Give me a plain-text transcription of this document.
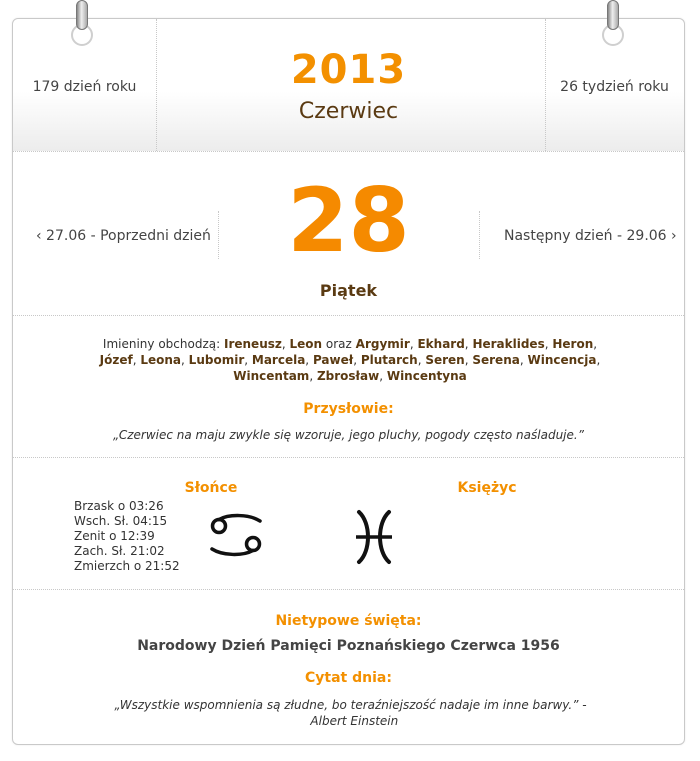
179 dzień roku	2013
Czerwiec
26 tydzień roku
‹ 27.06 - Poprzedni dzień 28	Następny dzień - 29.06 ›
Piątek
Imieniny obchodzą: Ireneusz, Leon oraz Argymir, Ekhard, Heraklides, Heron, Józef, Leona, Lubomir, Marcela, Paweł, Plutarch, Seren, Serena, Wincencja, Wincentam, Zbrosław, Wincentyna
Przysłowie:
„Czerwiec na maju zwykle się wzoruje, jego pluchy, pogody często naśladuje.”
Słońce	Księżyc
Brzask o 03:26
Wsch. Sł. 04:15
Zenit o 12:39
Zach. Sł. 21:02
Zmierzch o 21:52
Nietypowe święta:
Narodowy Dzień Pamięci Poznańskiego Czerwca 1956
Cytat dnia:
„Wszystkie wspomnienia są złudne, bo teraźniejszość nadaje im inne barwy.” -  Albert Einstein
